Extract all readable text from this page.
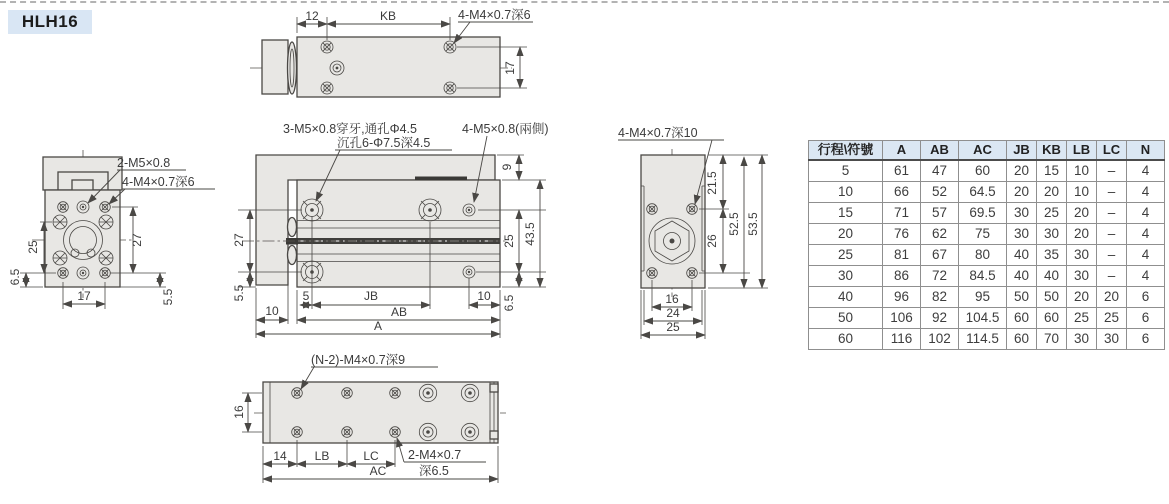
HLH16	12	KB	4-M4×0.7深6
17
2-M5×0.8
4-M4×0.7深6
25
6.5
27
5.5
17
3-M5×0.8穿牙,通孔Φ4.5
沉孔6-Φ7.5深4.5
4-M5×0.8(兩側)
9
25 43.5
6.5
27
5.5	5	JB	10
10	AB
A
4-M4×0.7深10
21.5
26
52.5 53.5
16
24
25
(N-2)-M4×0.7深9
16
14 LB	LC 2-M4×0.7
深6.5
AC
行程\符號	A	AB	AC	JB	KB	LB	LC	N
5	61	47	60	20	15	10	–	4
10	66	52	64.5	20	20	10	–	4
15	71	57	69.5	30	25	20	–	4
20	76	62	75	30	30	20	–	4
25	81	67	80	40	35	30	–	4
30	86	72	84.5	40	40	30	–	4
40	96	82	95	50	50	20	20	6
50	106	92	104.5	60	60	25	25	6
60	116	102	114.5	60	70	30	30	6
